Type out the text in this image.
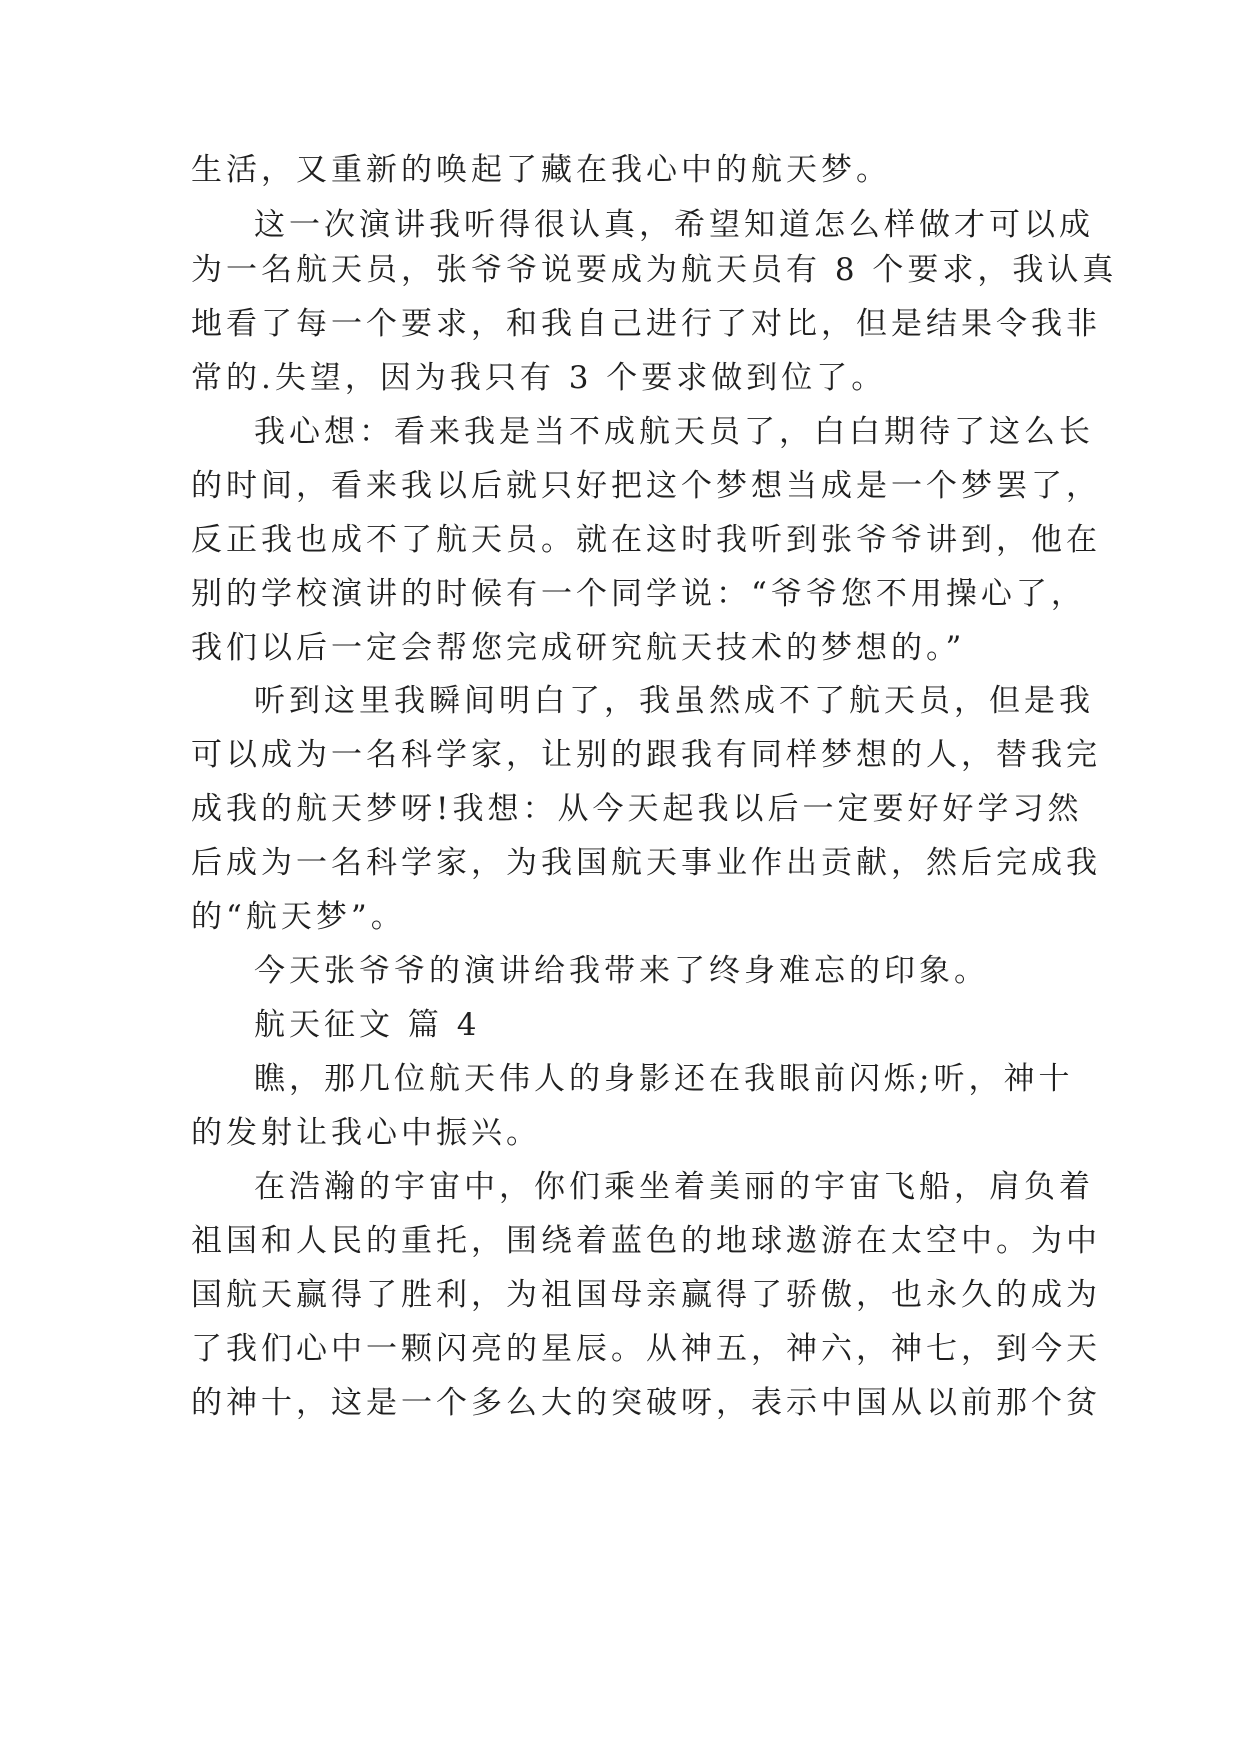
生活，又重新的唤起了藏在我心中的航天梦。
这一次演讲我听得很认真，希望知道怎么样做才可以成
为一名航天员，张爷爷说要成为航天员有 8 个要求，我认真
地看了每一个要求，和我自己进行了对比，但是结果令我非
常的.失望，因为我只有 3 个要求做到位了。
我心想：看来我是当不成航天员了，白白期待了这么长
的时间，看来我以后就只好把这个梦想当成是一个梦罢了，
反正我也成不了航天员。就在这时我听到张爷爷讲到，他在
别的学校演讲的时候有一个同学说：“爷爷您不用操心了，
我们以后一定会帮您完成研究航天技术的梦想的。”
听到这里我瞬间明白了，我虽然成不了航天员，但是我
可以成为一名科学家，让别的跟我有同样梦想的人，替我完
成我的航天梦呀!我想：从今天起我以后一定要好好学习然
后成为一名科学家，为我国航天事业作出贡献，然后完成我
的“航天梦”。
今天张爷爷的演讲给我带来了终身难忘的印象。
航天征文 篇 4
瞧，那几位航天伟人的身影还在我眼前闪烁;听，神十
的发射让我心中振兴。
在浩瀚的宇宙中，你们乘坐着美丽的宇宙飞船，肩负着
祖国和人民的重托，围绕着蓝色的地球遨游在太空中。为中
国航天赢得了胜利，为祖国母亲赢得了骄傲，也永久的成为
了我们心中一颗闪亮的星辰。从神五，神六，神七，到今天
的神十，这是一个多么大的突破呀，表示中国从以前那个贫
